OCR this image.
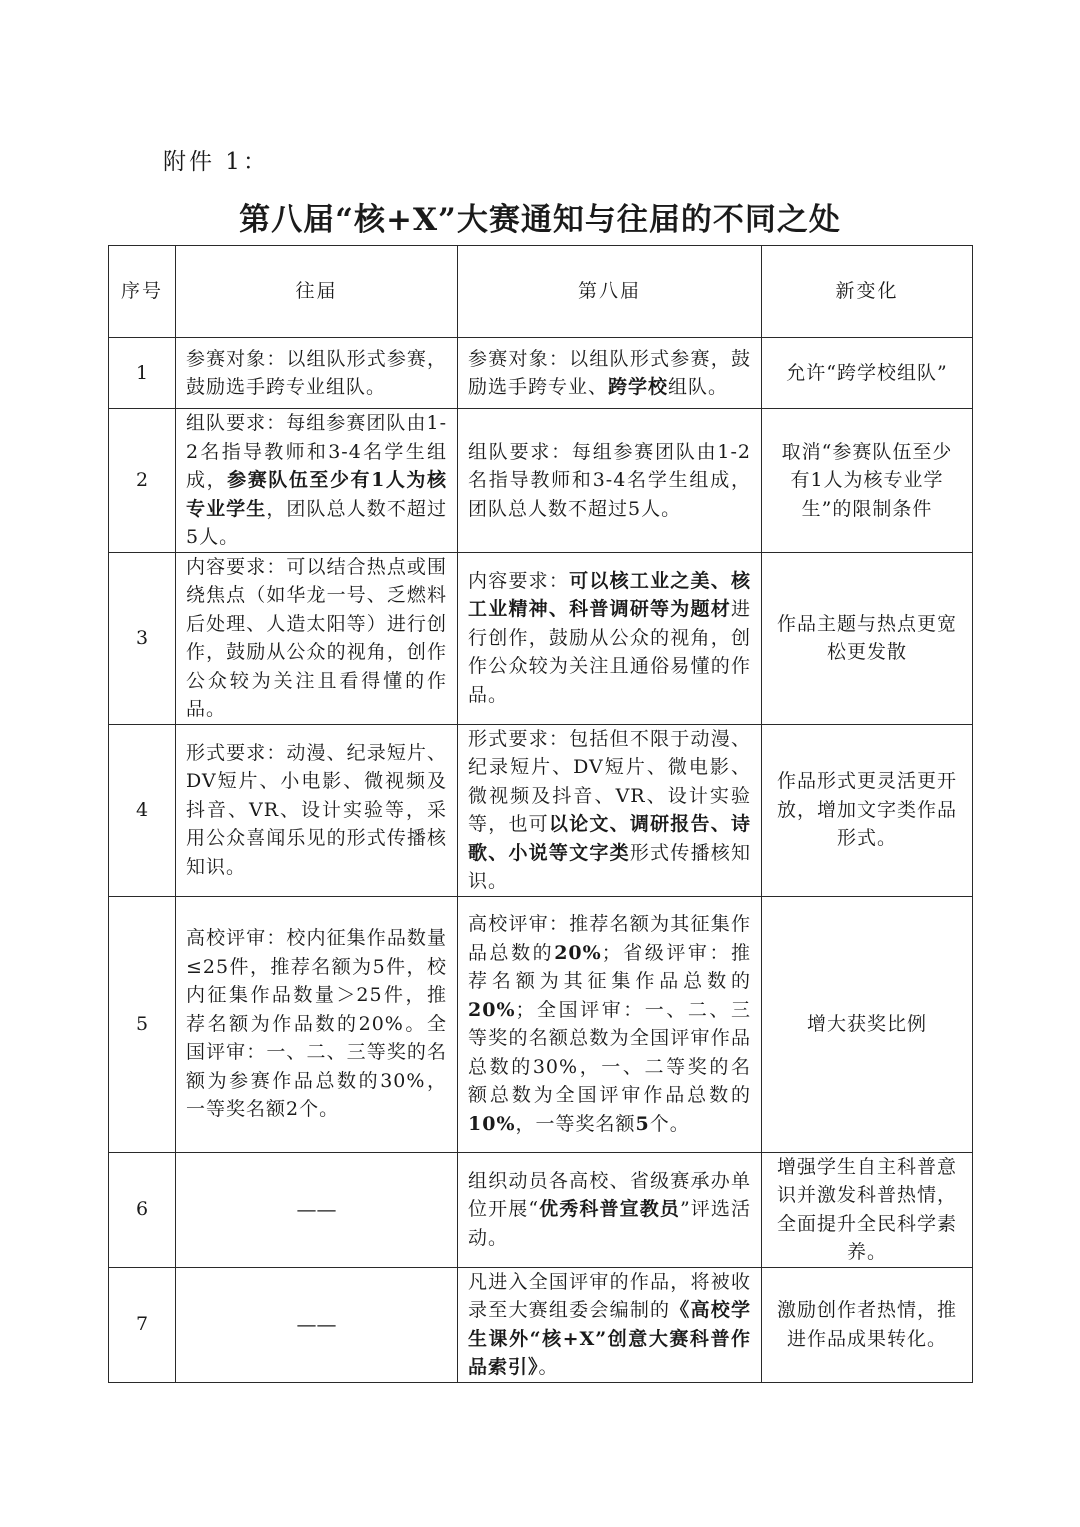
附件 1：
第八届“核+X”大赛通知与往届的不同之处
序号	往届	第八届	新变化
1	参赛对象：以组队形式参赛，鼓励选手跨专业组队。	参赛对象：以组队形式参赛，鼓励选手跨专业、跨学校组队。	允许“跨学校组队”
2	组队要求：每组参赛团队由1-2名指导教师和3-4名学生组成，参赛队伍至少有1人为核专业学生，团队总人数不超过5人。	组队要求：每组参赛团队由1-2名指导教师和3-4名学生组成，团队总人数不超过5人。	取消“参赛队伍至少有1人为核专业学生”的限制条件
3	内容要求：可以结合热点或围绕焦点（如华龙一号、乏燃料后处理、人造太阳等）进行创作，鼓励从公众的视角，创作公众较为关注且看得懂的作品。	内容要求：可以核工业之美、核工业精神、科普调研等为题材进行创作，鼓励从公众的视角，创作公众较为关注且通俗易懂的作品。	作品主题与热点更宽松更发散
4	形式要求：动漫、纪录短片、DV短片、小电影、微视频及抖音、VR、设计实验等，采用公众喜闻乐见的形式传播核知识。	形式要求：包括但不限于动漫、纪录短片、DV短片、微电影、微视频及抖音、VR、设计实验等，也可以论文、调研报告、诗歌、小说等文字类形式传播核知识。	作品形式更灵活更开放，增加文字类作品形式。
5	高校评审：校内征集作品数量≤25件，推荐名额为5件，校内征集作品数量＞25件，推荐名额为作品数的20%。全国评审：一、二、三等奖的名额为参赛作品总数的30%，一等奖名额2个。	高校评审：推荐名额为其征集作品总数的20%；省级评审：推荐名额为其征集作品总数的20%；全国评审：一、二、三等奖的名额总数为全国评审作品总数的30%，一、二等奖的名额总数为全国评审作品总数的10%，一等奖名额5个。	增大获奖比例
6	——	组织动员各高校、省级赛承办单位开展“优秀科普宣教员”评选活动。	增强学生自主科普意识并激发科普热情，全面提升全民科学素养。
7	——	凡进入全国评审的作品，将被收录至大赛组委会编制的《高校学生课外“核+X”创意大赛科普作品索引》。	激励创作者热情，推进作品成果转化。
